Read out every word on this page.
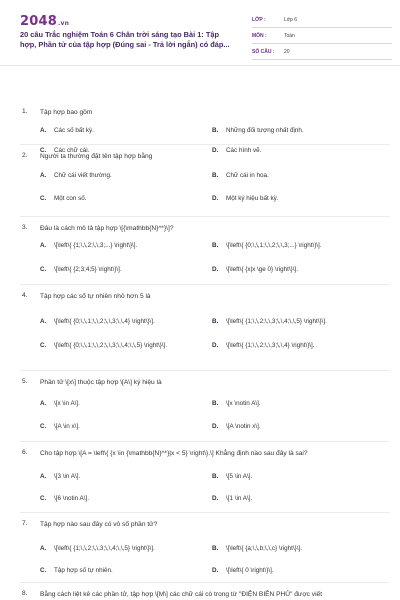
2048.vn
20 câu Trắc nghiệm Toán 6 Chân trời sáng tạo Bài 1: Tập hợp, Phần tử của tập hợp (Đúng sai - Trả lời ngắn) có đáp...
LỚP :	Lớp 6
MÔN :	Toán
SỐ CÂU : 20
1.	Tập hợp bao gồm
A.	Các số bất kỳ.	B.	Những đối tượng nhất định.
C.	Các chữ cái.	D.	Các hình vẽ.
2.	Người ta thường đặt tên tập hợp bằng
A.	Chữ cái viết thường.	B.	Chữ cái in hoa.
C.	Một con số.	D.	Một ký hiệu bất kỳ.
3.	Đâu là cách mô tả tập hợp \[{\mathbb{N}^*}\]?
A.	\[\left\{ {1;\,\,2;\,\,3;...} \right\}\].	B.	\[\left\{ {0;\,\,1;\,\,2;\,\,3;...} \right\}\].
C.	\[\left\{ {2;3;4;5} \right\}\].	D.	\[\left\{ {x|x \ge 0} \right\}\].
4.	Tập hợp các số tự nhiên nhỏ hơn 5 là
A.	\[\left\{ {0;\,\,1;\,\,2;\,\,3;\,\,4} \right\}\].	B.	\[\left\{ {1;\,\,2;\,\,3;\,\,4;\,\,5} \right\}\].
C.	\[\left\{ {0;\,\,1;\,\,2;\,\,3;\,\,4;\,\,5} \right\}\].	D.	\[\left\{ {1;\,\,2;\,\,3;\,\,4} \right\}\].
5.	Phần tử \[x\] thuộc tập hợp \[A\] ký hiệu là
A.	\[x \in A\].	B.	\[x \notin A\].
C.	\[A \in x\].	D.	\[A \notin x\].
6.	Cho tập hợp \[A = \left\{ {x \in {\mathbb{N}^*}|x < 5} \right\}.\] Khẳng định nào sau đây là sai?
A.	\[3 \in A\].	B.	\[5 \in A\].
C.	\[6 \notin A\].	D.	\[1 \in A\].
7.	Tập hợp nào sau đây có vô số phần tử?
A.	\[\left\{ {1;\,\,2;\,\,3;\,\,4;\,\,5} \right\}\].	B.	\[\left\{ {a;\,\,b;\,\,c} \right\}\].
C.	Tập hợp số tự nhiên.	D.	\[\left\{ 0 \right\}\].
8.	Bằng cách liệt kê các phần tử, tập hợp \[M\] các chữ cái có trong từ "ĐIỆN BIÊN PHỦ" được viết
